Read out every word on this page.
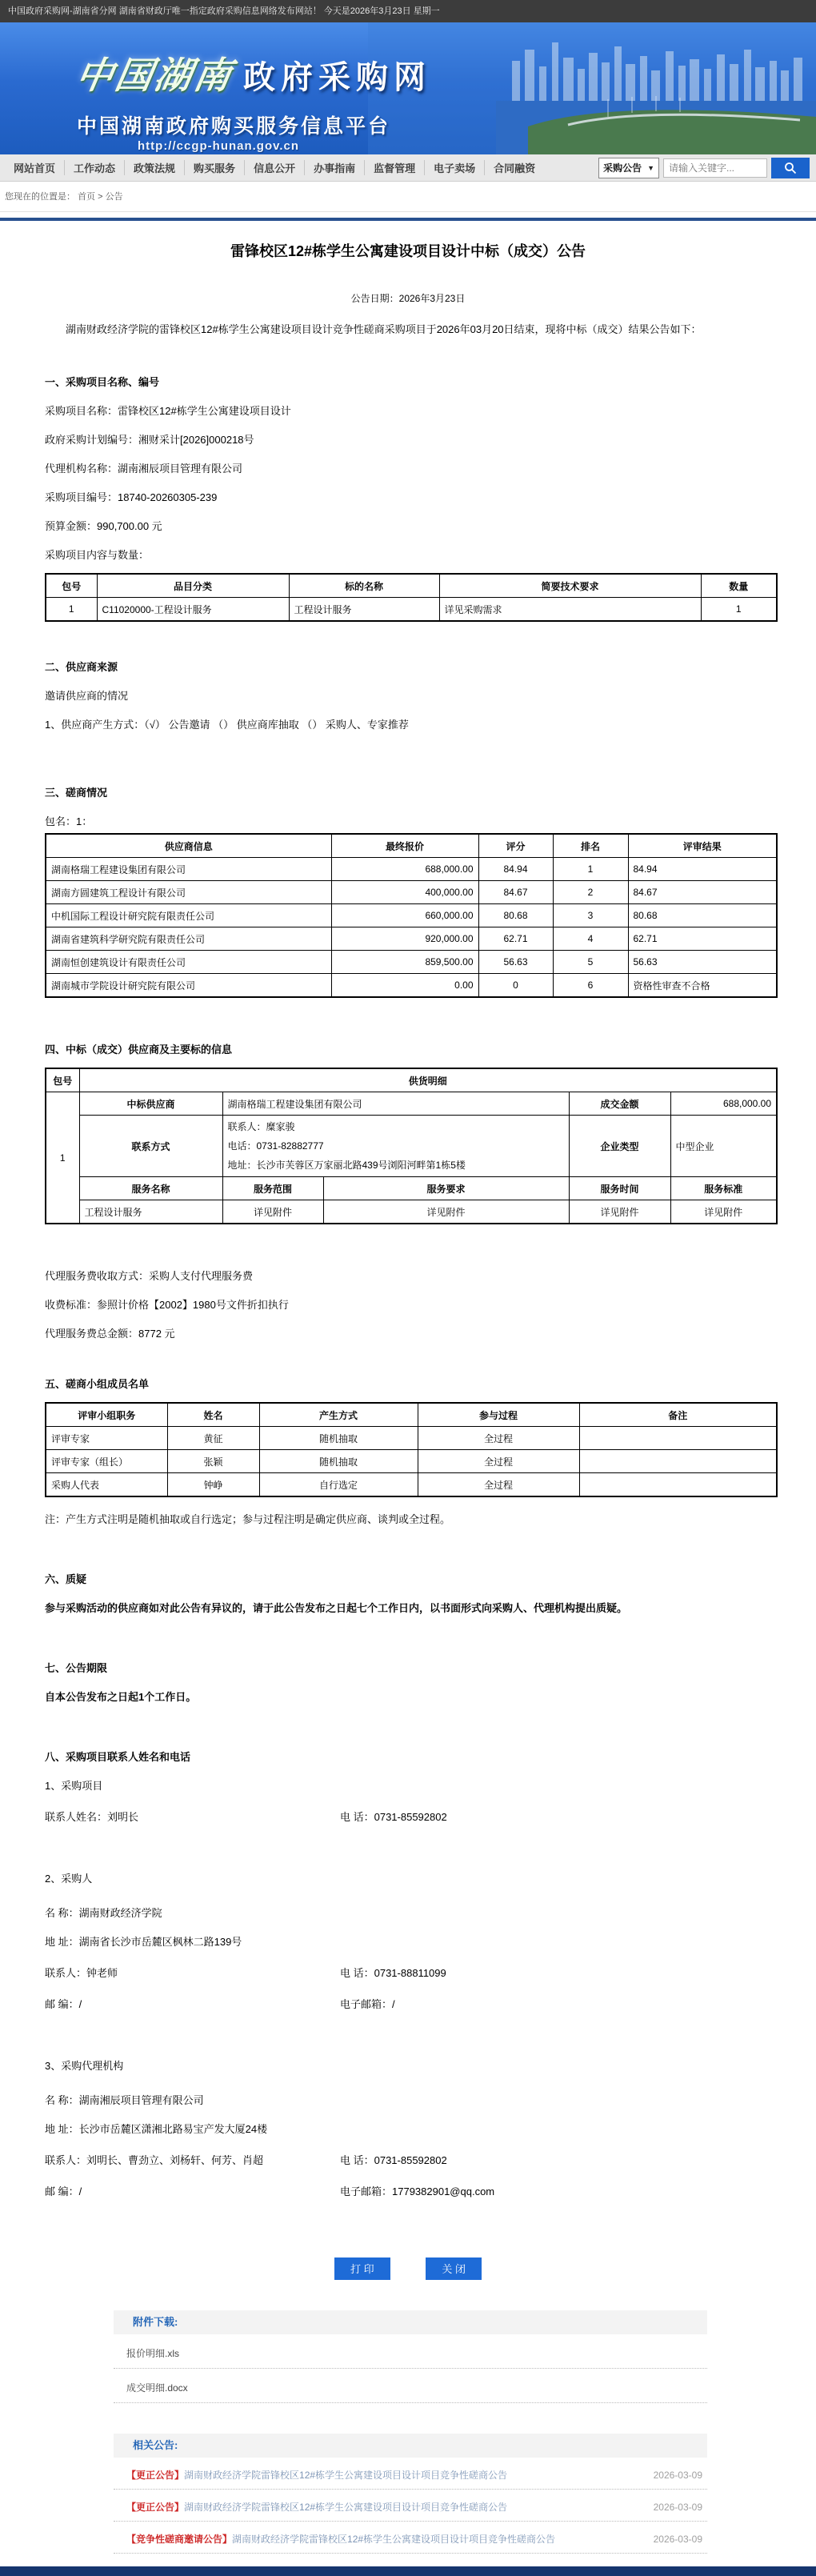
中国政府采购网-湖南省分网 湖南省财政厅唯一指定政府采购信息网络发布网站！ 今天是2026年3月23日 星期一
中国湖南 政府采购网
中国湖南政府购买服务信息平台
http://ccgp-hunan.gov.cn
网站首页	工作动态	政策法规	购买服务	信息公开	办事指南	监督管理	电子卖场	合同融资	采购公告 ▼
请输入关键字...
您现在的位置是： 首页 > 公告
雷锋校区12#栋学生公寓建设项目设计中标（成交）公告
公告日期：2026年3月23日

湖南财政经济学院的雷锋校区12#栋学生公寓建设项目设计竞争性磋商采购项目于2026年03月20日结束，现将中标（成交）结果公告如下：

一、采购项目名称、编号
采购项目名称：雷锋校区12#栋学生公寓建设项目设计
政府采购计划编号：湘财采计[2026]000218号
代理机构名称：湖南湘辰项目管理有限公司
采购项目编号：18740-20260305-239
预算金额：990,700.00 元
采购项目内容与数量：
包号	品目分类	标的名称	简要技术要求	数量
1	C11020000-工程设计服务	工程设计服务	详见采购需求	1
二、供应商来源
邀请供应商的情况
1、供应商产生方式：（√） 公告邀请 （） 供应商库抽取 （） 采购人、专家推荐
三、磋商情况
包名：1：
供应商信息	最终报价	评分	排名	评审结果
湖南格瑞工程建设集团有限公司	688,000.00	84.94	1	84.94
湖南方圆建筑工程设计有限公司	400,000.00	84.67	2	84.67
中机国际工程设计研究院有限责任公司	660,000.00	80.68	3	80.68
湖南省建筑科学研究院有限责任公司	920,000.00	62.71	4	62.71
湖南恒创建筑设计有限责任公司	859,500.00	56.63	5	56.63
湖南城市学院设计研究院有限公司	0.00	0	6	资格性审查不合格
四、中标（成交）供应商及主要标的信息
包号	供货明细				
1	中标供应商	湖南格瑞工程建设集团有限公司		成交金额	688,000.00
	联系方式	联系人：糜家骏
电话：0731-82882777
地址：长沙市芙蓉区万家丽北路439号浏阳河畔第1栋5楼		企业类型	中型企业
	服务名称	服务范围	服务要求	服务时间	服务标准
	工程设计服务	详见附件	详见附件	详见附件	详见附件
代理服务费收取方式：采购人支付代理服务费
收费标准：参照计价格【2002】1980号文件折扣执行
代理服务费总金额：8772 元
五、磋商小组成员名单
评审小组职务	姓名	产生方式	参与过程	备注
评审专家	黄征	随机抽取	全过程	
评审专家（组长）	张颖	随机抽取	全过程	
采购人代表	钟峥	自行选定	全过程	
注：产生方式注明是随机抽取或自行选定；参与过程注明是确定供应商、谈判或全过程。
六、质疑
参与采购活动的供应商如对此公告有异议的，请于此公告发布之日起七个工作日内，以书面形式向采购人、代理机构提出质疑。
七、公告期限
自本公告发布之日起1个工作日。
八、采购项目联系人姓名和电话
1、采购项目
联系人姓名：刘明长	电 话：0731-85592802
2、采购人
名 称：湖南财政经济学院
地 址：湖南省长沙市岳麓区枫林二路139号
联系人：钟老师	电 话：0731-88811099
邮 编：/	电子邮箱：/
3、采购代理机构
名 称：湖南湘辰项目管理有限公司
地 址：长沙市岳麓区潇湘北路易宝产发大厦24楼
联系人：刘明长、曹劲立、刘杨轩、何芳、肖超	电 话：0731-85592802
邮 编：/	电子邮箱：1779382901@qq.com
打 印	关 闭
附件下载:
报价明细.xls
成交明细.docx
相关公告:
【更正公告】湖南财政经济学院雷锋校区12#栋学生公寓建设项目设计项目竞争性磋商公告	2026-03-09
【更正公告】湖南财政经济学院雷锋校区12#栋学生公寓建设项目设计项目竞争性磋商公告	2026-03-09
【竞争性磋商邀请公告】湖南财政经济学院雷锋校区12#栋学生公寓建设项目设计项目竞争性磋商公告	2026-03-09
